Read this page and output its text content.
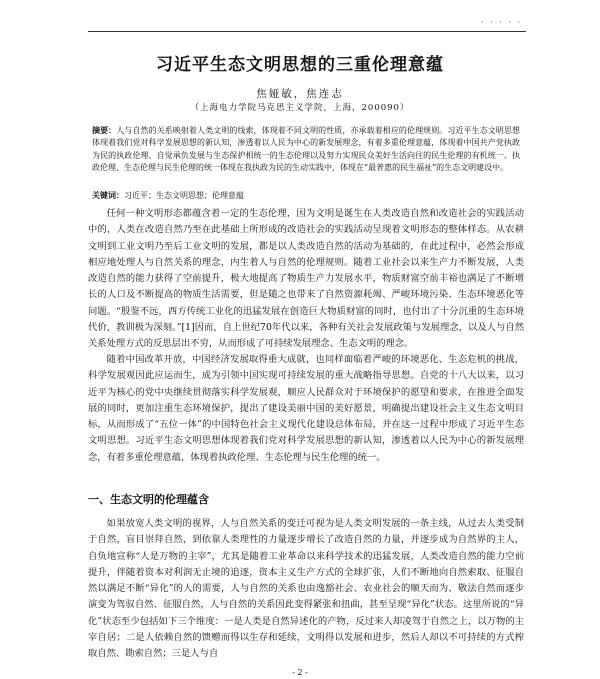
· · · · ·
习近平生态文明思想的三重伦理意蕴
焦娅敏，焦连志
（上海电力学院马克思主义学院，上海，200090）
摘要：人与自然的关系映射着人类文明的线索，体现着不同文明的性质，亦承载着相应的伦理规则。习近平生态文明思想体现着我们党对科学发展思想的新认知，渗透着以人民为中心的新发展理念，有着多重伦理意蕴，体现着中国共产党执政为民的执政伦理、自觉承负发展与生态保护相统一的生态伦理以及努力实现民众美好生活向往的民生伦理的有机统一。执政伦理、生态伦理与民生伦理的统一体现在我执政为民的生动实践中，体现在“最普惠的民生福祉”的生态文明建设中。
关键词：习近平；生态文明思想；伦理意蕴
任何一种文明形态都蕴含着一定的生态伦理，因为文明是诞生在人类改造自然和改造社会的实践活动中的，人类在改造自然乃至在此基础上所形成的改造社会的实践活动呈现着文明形态的整体样态。从农耕文明到工业文明乃至后工业文明的发展，都是以人类改造自然的活动为基础的，在此过程中，必然会形成相应地处理人与自然关系的理念，内生着人与自然的伦理规则。随着工业社会以来生产力不断发展，人类改造自然的能力获得了空前提升，极大地提高了物质生产力发展水平，物质财富空前丰裕也满足了不断增长的人口及不断提高的物质生活需要，但是随之也带来了自然资源耗竭、严峻环境污染、生态环境恶化等问题。“殷鉴不远，西方传统工业化的迅猛发展在创造巨大物质财富的同时，也付出了十分沉重的生态环境代价，教训极为深刻。”[1]因而，自上世纪70年代以来，各种有关社会发展政策与发展理念，以及人与自然关系处理方式的反思层出不穷，从而形成了可持续发展理念、生态文明的理念。
随着中国改革开放，中国经济发展取得重大成就，也同样面临着严峻的环境恶化、生态危机的挑战，科学发展观因此应运而生，成为引领中国实现可持续发展的重大战略指导思想。自党的十八大以来，以习近平为核心的党中央继续贯彻落实科学发展观，顺应人民群众对于环境保护的愿望和要求，在推进全面发展的同时，更加注重生态环境保护，提出了建设美丽中国的美好愿景，明确提出建设社会主义生态文明目标，从而形成了“五位一体”的中国特色社会主义现代化建设总体布局，并在这一过程中形成了习近平生态文明思想。习近平生态文明思想体现着我们党对科学发展思想的新认知，渗透着以人民为中心的新发展理念，有着多重伦理意蕴，体现着执政伦理、生态伦理与民生伦理的统一。
一、生态文明的伦理蕴含
如果放宽人类文明的视界，人与自然关系的变迁可视为是人类文明发展的一条主线，从过去人类受制于自然，盲目崇拜自然，到依靠人类理性的力量逐步增长了改造自然的力量，并逐步成为自然界的主人，自负地宣称“人是万物的主宰”，尤其是随着工业革命以来科学技术的迅猛发展，人类改造自然的能力空前提升，伴随着资本对利润无止境的追逐，资本主义生产方式的全球扩张，人们不断地向自然索取、征服自然以满足不断“异化”的人的需要，人与自然的关系也由逸豁社会、农业社会的顺天而为、敬法自然而逐步演变为驾驭自然、征服自然，人与自然的关系因此变得紧张和扭曲，甚至呈现“异化”状态。这里所说的“异化”状态至少包括如下三个维度：一是人类是自然异述化的产物，反过来人却凌驾于自然之上，以万物的主宰自居；二是人依赖自然的馈赠而得以生存和延续，文明得以发展和进步，然后人却以不可持续的方式榨取自然、勘索自然；三是人与自
- 2 -
